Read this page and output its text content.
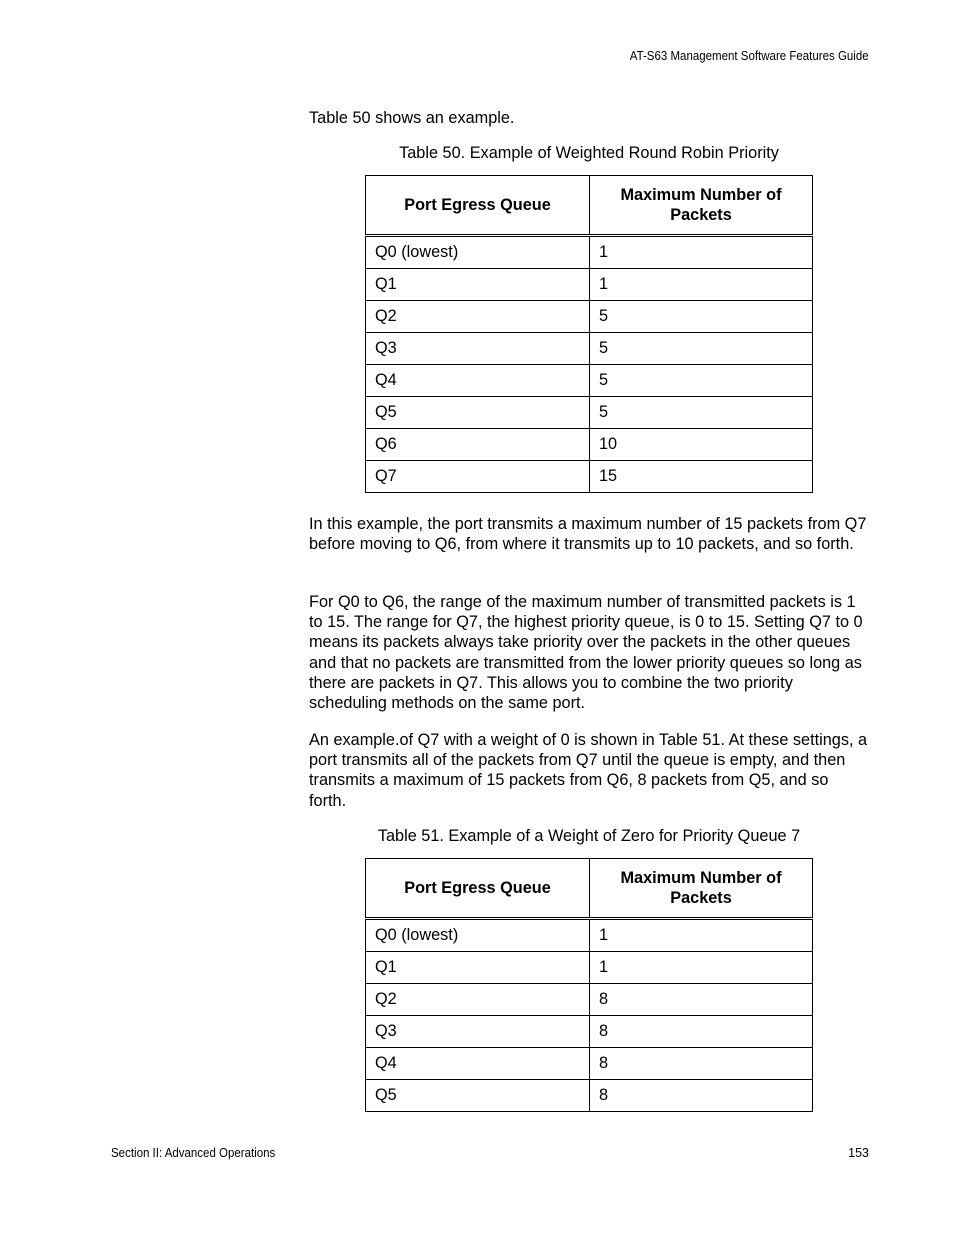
AT-S63 Management Software Features Guide

Table 50 shows an example.

Table 50. Example of Weighted Round Robin Priority
Port Egress Queue	Maximum Number of Packets
Q0 (lowest)	1
Q1	1
Q2	5
Q3	5
Q4	5
Q5	5
Q6	10
Q7	15

In this example, the port transmits a maximum number of 15 packets from Q7 before moving to Q6, from where it transmits up to 10 packets, and so forth.

For Q0 to Q6, the range of the maximum number of transmitted packets is 1 to 15. The range for Q7, the highest priority queue, is 0 to 15. Setting Q7 to 0 means its packets always take priority over the packets in the other queues and that no packets are transmitted from the lower priority queues so long as there are packets in Q7. This allows you to combine the two priority scheduling methods on the same port.

An example.of Q7 with a weight of 0 is shown in Table 51. At these settings, a port transmits all of the packets from Q7 until the queue is empty, and then transmits a maximum of 15 packets from Q6, 8 packets from Q5, and so forth.

Table 51. Example of a Weight of Zero for Priority Queue 7
Port Egress Queue	Maximum Number of Packets
Q0 (lowest)	1
Q1	1
Q2	8
Q3	8
Q4	8
Q5	8
Section II: Advanced Operations	153
